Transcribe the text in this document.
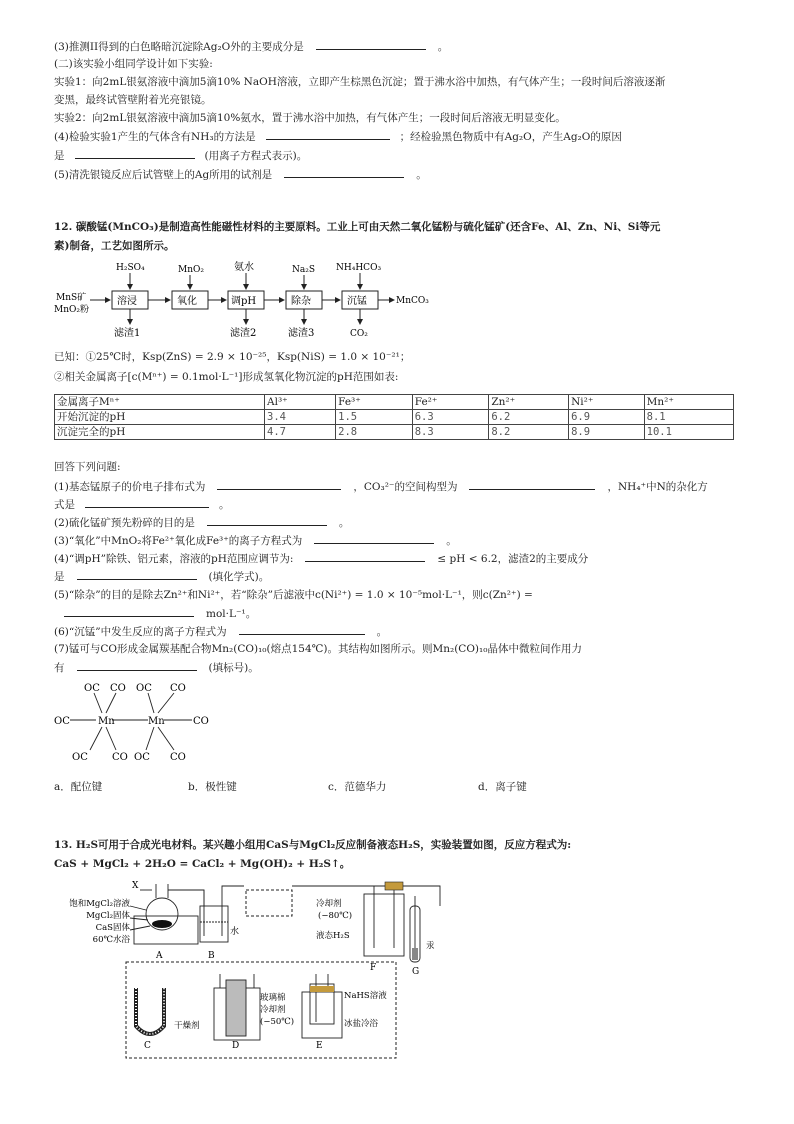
(3)推测II得到的白色略暗沉淀除Ag₂O外的主要成分是	。
(二)该实验小组同学设计如下实验:
实验1：向2mL银氨溶液中滴加5滴10% NaOH溶液，立即产生棕黑色沉淀；置于沸水浴中加热，有气体产生；一段时间后溶液逐渐
变黑，最终试管壁附着光亮银镜。
实验2：向2mL银氨溶液中滴加5滴10%氨水，置于沸水浴中加热，有气体产生；一段时间后溶液无明显变化。
(4)检验实验1产生的气体含有NH₃的方法是	；经检验黑色物质中有Ag₂O，产生Ag₂O的原因
是	(用离子方程式表示)。
(5)清洗银镜反应后试管壁上的Ag所用的试剂是	。
12. 碳酸锰(MnCO₃)是制造高性能磁性材料的主要原料。工业上可由天然二氧化锰粉与硫化锰矿(还含Fe、Al、Zn、Ni、Si等元
素)制备，工艺如图所示。
MnS矿
MnO₂粉
溶浸	氧化	调pH	除杂	沉锰	MnCO₃
H₂SO₄	MnO₂	氨水	Na₂S NH₄HCO₃
滤渣1	滤渣2	滤渣3	CO₂
已知：①25℃时，Ksp(ZnS) = 2.9 × 10⁻²⁵，Ksp(NiS) = 1.0 × 10⁻²¹；
②相关金属离子[c(Mⁿ⁺) = 0.1mol·L⁻¹]形成氢氧化物沉淀的pH范围如表:
金属离子Mⁿ⁺	Al³⁺	Fe³⁺	Fe²⁺	Zn²⁺	Ni²⁺	Mn²⁺
开始沉淀的pH	3.4	1.5	6.3	6.2	6.9	8.1
沉淀完全的pH	4.7	2.8	8.3	8.2	8.9	10.1
回答下列问题:
(1)基态锰原子的价电子排布式为	，CO₃²⁻的空间构型为	，NH₄⁺中N的杂化方
式是	。
(2)硫化锰矿预先粉碎的目的是	。
(3)“氧化”中MnO₂将Fe²⁺氧化成Fe³⁺的离子方程式为	。
(4)“调pH”除铁、铝元素，溶液的pH范围应调节为:	≤ pH < 6.2，滤渣2的主要成分
是	(填化学式)。
(5)“除杂”的目的是除去Zn²⁺和Ni²⁺，若“除杂”后滤液中c(Ni²⁺) = 1.0 × 10⁻⁵mol·L⁻¹，则c(Zn²⁺) =
mol·L⁻¹。
(6)“沉锰”中发生反应的离子方程式为	。
(7)锰可与CO形成金属羰基配合物Mn₂(CO)₁₀(熔点154℃)。其结构如图所示。则Mn₂(CO)₁₀晶体中微粒间作用力
有	(填标号)。
Mn	Mn
OC	CO
OC CO OC CO
OC CO OC CO
a．配位键	b．极性键	c．范德华力	d．离子键
13. H₂S可用于合成光电材料。某兴趣小组用CaS与MgCl₂反应制备液态H₂S，实验装置如图，反应方程式为:
CaS + MgCl₂ + 2H₂O = CaCl₂ + Mg(OH)₂ + H₂S↑。
饱和MgCl₂溶液
MgCl₂固体
CaS固体
60℃水浴
X
A
水
B
冷却剂
(−80℃)
液态H₂S
F
汞
G
干燥剂
C
玻璃棉
冷却剂
(−50℃)
D
NaHS溶液
冰盐冷浴
E
